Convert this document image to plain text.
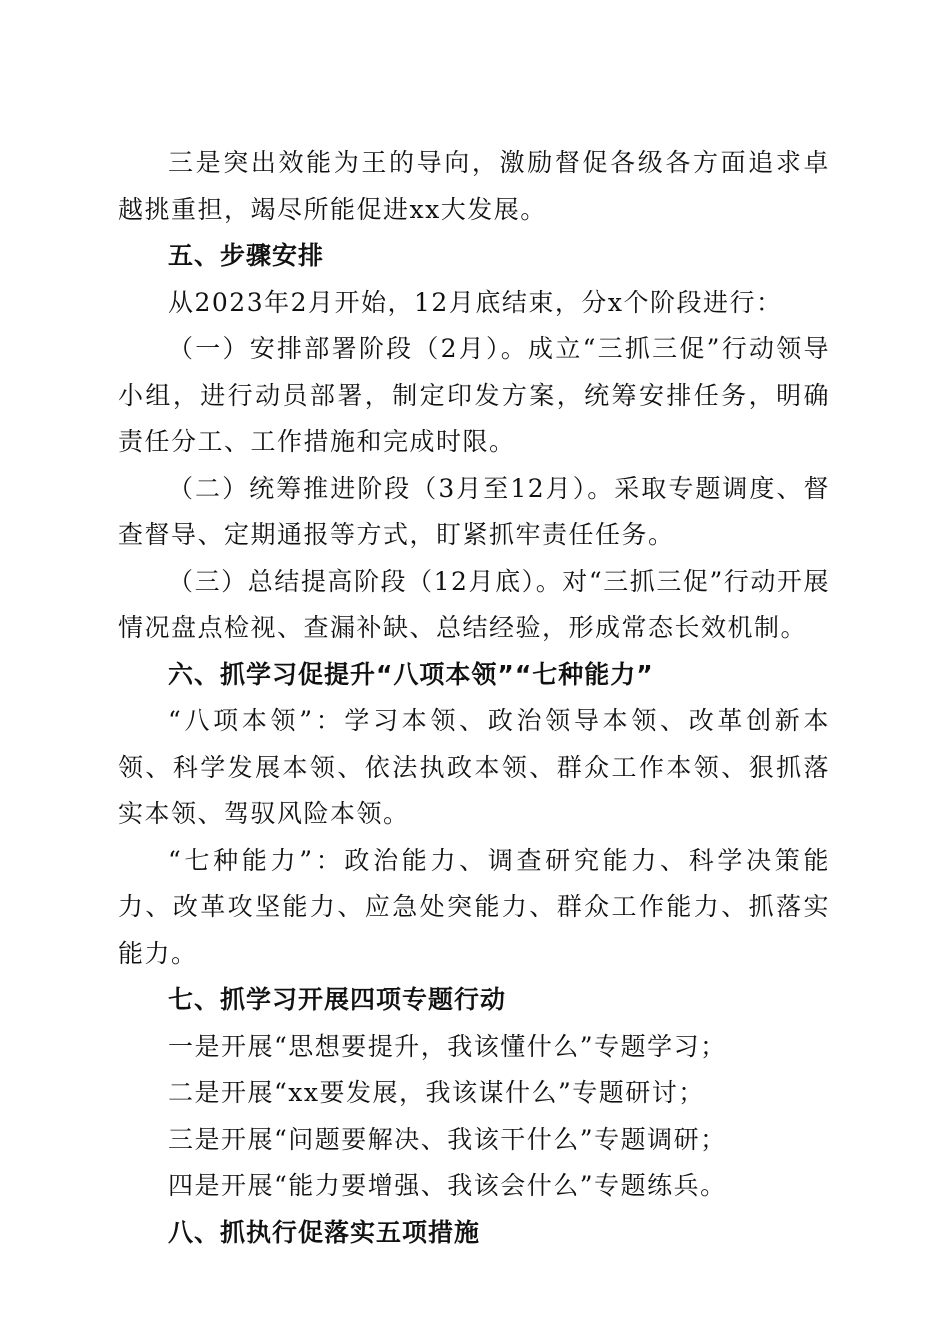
三是突出效能为王的导向，激励督促各级各方面追求卓越挑重担，竭尽所能促进xx大发展。

五、步骤安排

从2023年2月开始，12月底结束，分x个阶段进行：

（一）安排部署阶段（2月）。成立“三抓三促”行动领导小组，进行动员部署，制定印发方案，统筹安排任务，明确责任分工、工作措施和完成时限。

（二）统筹推进阶段（3月至12月）。采取专题调度、督查督导、定期通报等方式，盯紧抓牢责任任务。

（三）总结提高阶段（12月底）。对“三抓三促”行动开展情况盘点检视、查漏补缺、总结经验，形成常态长效机制。

六、抓学习促提升“八项本领”“七种能力”

“八项本领”：学习本领、政治领导本领、改革创新本领、科学发展本领、依法执政本领、群众工作本领、狠抓落实本领、驾驭风险本领。

“七种能力”：政治能力、调查研究能力、科学决策能力、改革攻坚能力、应急处突能力、群众工作能力、抓落实能力。

七、抓学习开展四项专题行动

一是开展“思想要提升，我该懂什么”专题学习；

二是开展“xx要发展，我该谋什么”专题研讨；

三是开展“问题要解决、我该干什么”专题调研；

四是开展“能力要增强、我该会什么”专题练兵。

八、抓执行促落实五项措施
